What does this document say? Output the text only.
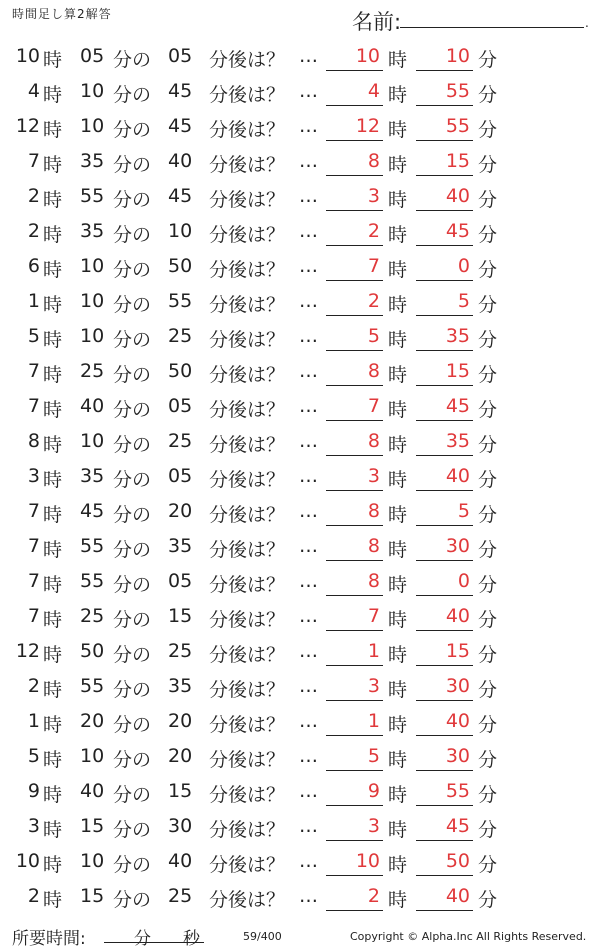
時間足し算2解答	名前:	.
10 時 05 分の 05 分後は？ … 10 時 10 分
4 時 10 分の 45 分後は？ …	4 時 55 分
12 時 10 分の 45 分後は？ … 12 時 55 分
7 時 35 分の 40 分後は？ …	8 時 15 分
2 時 55 分の 45 分後は？ …	3 時 40 分
2 時 35 分の 10 分後は？ …	2 時 45 分
6 時 10 分の 50 分後は？ …	7 時	0 分
1 時 10 分の 55 分後は？ …	2 時	5 分
5 時 10 分の 25 分後は？ …	5 時 35 分
7 時 25 分の 50 分後は？ …	8 時 15 分
7 時 40 分の 05 分後は？ …	7 時 45 分
8 時 10 分の 25 分後は？ …	8 時 35 分
3 時 35 分の 05 分後は？ …	3 時 40 分
7 時 45 分の 20 分後は？ …	8 時	5 分
7 時 55 分の 35 分後は？ …	8 時 30 分
7 時 55 分の 05 分後は？ …	8 時	0 分
7 時 25 分の 15 分後は？ …	7 時 40 分
12 時 50 分の 25 分後は？ …	1 時 15 分
2 時 55 分の 35 分後は？ …	3 時 30 分
1 時 20 分の 20 分後は？ …	1 時 40 分
5 時 10 分の 20 分後は？ …	5 時 30 分
9 時 40 分の 15 分後は？ …	9 時 55 分
3 時 15 分の 30 分後は？ …	3 時 45 分
10 時 10 分の 40 分後は？ … 10 時 50 分
2 時 15 分の 25 分後は？ …	2 時 40 分
所要時間:	分 秒	59/400	Copyright © Alpha.Inc All Rights Reserved.
